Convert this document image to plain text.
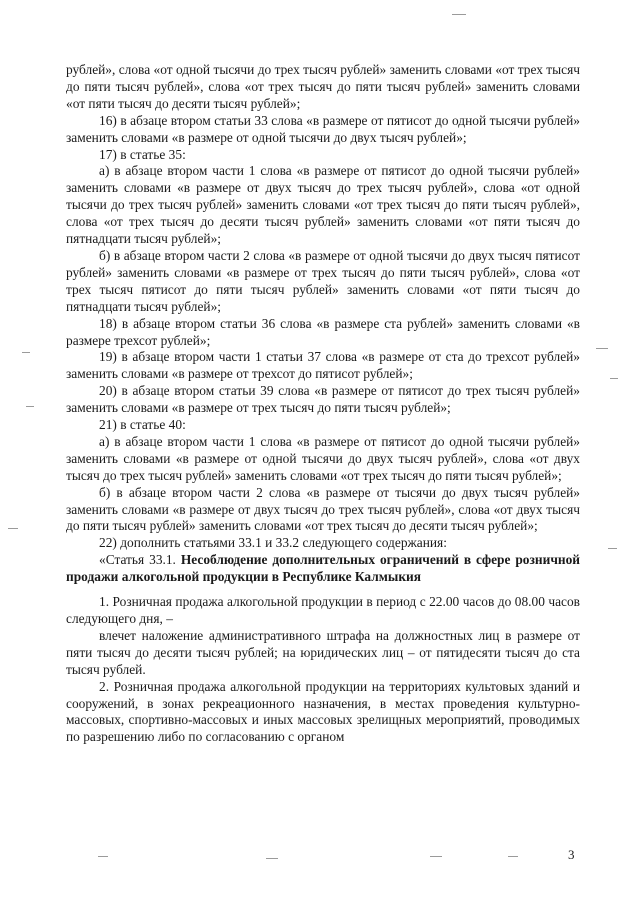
рублей», слова «от одной тысячи до трех тысяч рублей» заменить словами «от трех тысяч до пяти тысяч рублей», слова «от трех тысяч до пяти тысяч рублей» заменить словами «от пяти тысяч до десяти тысяч рублей»;

16) в абзаце втором статьи 33 слова «в размере от пятисот до одной тысячи рублей» заменить словами «в размере от одной тысячи до двух тысяч рублей»;

17) в статье 35:

а) в абзаце втором части 1 слова «в размере от пятисот до одной тысячи рублей» заменить словами «в размере от двух тысяч до трех тысяч рублей», слова «от одной тысячи до трех тысяч рублей» заменить словами «от трех тысяч до пяти тысяч рублей», слова «от трех тысяч до десяти тысяч рублей» заменить словами «от пяти тысяч до пятнадцати тысяч рублей»;

б) в абзаце втором части 2 слова «в размере от одной тысячи до двух тысяч пятисот рублей» заменить словами «в размере от трех тысяч до пяти тысяч рублей», слова «от трех тысяч пятисот до пяти тысяч рублей» заменить словами «от пяти тысяч до пятнадцати тысяч рублей»;

18) в абзаце втором статьи 36 слова «в размере ста рублей» заменить словами «в размере трехсот рублей»;

19) в абзаце втором части 1 статьи 37 слова «в размере от ста до трехсот рублей» заменить словами «в размере от трехсот до пятисот рублей»;

20) в абзаце втором статьи 39 слова «в размере от пятисот до трех тысяч рублей» заменить словами «в размере от трех тысяч до пяти тысяч рублей»;

21) в статье 40:

а) в абзаце втором части 1 слова «в размере от пятисот до одной тысячи рублей» заменить словами «в размере от одной тысячи до двух тысяч рублей», слова «от двух тысяч до трех тысяч рублей» заменить словами «от трех тысяч до пяти тысяч рублей»;

б) в абзаце втором части 2 слова «в размере от тысячи до двух тысяч рублей» заменить словами «в размере от двух тысяч до трех тысяч рублей», слова «от двух тысяч до пяти тысяч рублей» заменить словами «от трех тысяч до десяти тысяч рублей»;

22) дополнить статьями 33.1 и 33.2 следующего содержания:

«Статья 33.1. Несоблюдение дополнительных ограничений в сфере розничной продажи алкогольной продукции в Республике Калмыкия

1. Розничная продажа алкогольной продукции в период с 22.00 часов до 08.00 часов следующего дня, –

влечет наложение административного штрафа на должностных лиц в размере от пяти тысяч до десяти тысяч рублей; на юридических лиц – от пятидесяти тысяч до ста тысяч рублей.

2. Розничная продажа алкогольной продукции на территориях культовых зданий и сооружений, в зонах рекреационного назначения, в местах проведения культурно-массовых, спортивно-массовых и иных массовых зрелищных мероприятий, проводимых по разрешению либо по согласованию с органом

3
